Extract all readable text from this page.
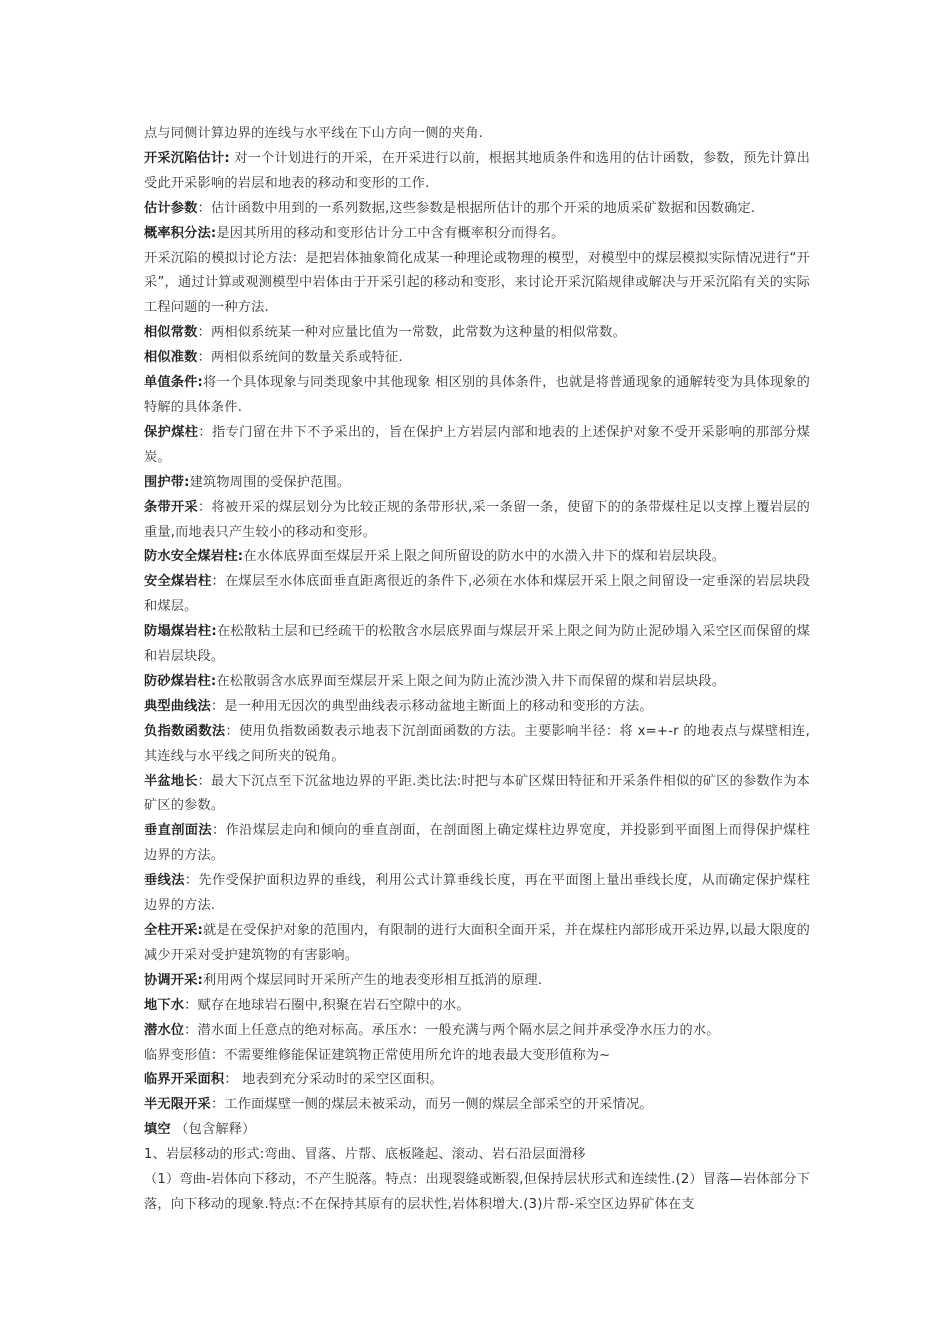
点与同侧计算边界的连线与水平线在下山方向一侧的夹角.

开采沉陷估计: 对一个计划进行的开采，在开采进行以前，根据其地质条件和选用的估计函数，参数，预先计算出受此开采影响的岩层和地表的移动和变形的工作.

估计参数：估计函数中用到的一系列数据,这些参数是根据所估计的那个开采的地质采矿数据和因数确定.

概率积分法:是因其所用的移动和变形估计分工中含有概率积分而得名。

开采沉陷的模拟讨论方法：是把岩体抽象简化成某一种理论或物理的模型，对模型中的煤层模拟实际情况进行“开采”，通过计算或观测模型中岩体由于开采引起的移动和变形，来讨论开采沉陷规律或解决与开采沉陷有关的实际工程问题的一种方法.

相似常数：两相似系统某一种对应量比值为一常数，此常数为这种量的相似常数。

相似准数：两相似系统间的数量关系或特征.

单值条件:将一个具体现象与同类现象中其他现象 相区别的具体条件，也就是将普通现象的通解转变为具体现象的特解的具体条件.

保护煤柱：指专门留在井下不予采出的，旨在保护上方岩层内部和地表的上述保护对象不受开采影响的那部分煤炭。

围护带:建筑物周围的受保护范围。

条带开采：将被开采的煤层划分为比较正规的条带形状,采一条留一条，使留下的的条带煤柱足以支撑上覆岩层的重量,而地表只产生较小的移动和变形。

防水安全煤岩柱:在水体底界面至煤层开采上限之间所留设的防水中的水溃入井下的煤和岩层块段。

安全煤岩柱：在煤层至水体底面垂直距离很近的条件下,必须在水体和煤层开采上限之间留设一定垂深的岩层块段和煤层。

防塌煤岩柱:在松散粘土层和已经疏干的松散含水层底界面与煤层开采上限之间为防止泥砂塌入采空区而保留的煤和岩层块段。

防砂煤岩柱:在松散弱含水底界面至煤层开采上限之间为防止流沙溃入井下而保留的煤和岩层块段。

典型曲线法：是一种用无因次的典型曲线表示移动盆地主断面上的移动和变形的方法。

负指数函数法：使用负指数函数表示地表下沉剖面函数的方法。主要影响半径：将 x=+-r 的地表点与煤壁相连,其连线与水平线之间所夹的锐角。

半盆地长：最大下沉点至下沉盆地边界的平距.类比法:时把与本矿区煤田特征和开采条件相似的矿区的参数作为本矿区的参数。

垂直剖面法：作沿煤层走向和倾向的垂直剖面，在剖面图上确定煤柱边界宽度，并投影到平面图上而得保护煤柱边界的方法。

垂线法：先作受保护面积边界的垂线，利用公式计算垂线长度，再在平面图上量出垂线长度，从而确定保护煤柱边界的方法.

全柱开采:就是在受保护对象的范围内，有限制的进行大面积全面开采，并在煤柱内部形成开采边界,以最大限度的减少开采对受护建筑物的有害影响。

协调开采:利用两个煤层同时开采所产生的地表变形相互抵消的原理.

地下水：赋存在地球岩石圈中,积聚在岩石空隙中的水。

潜水位：潜水面上任意点的绝对标高。承压水：一般充满与两个隔水层之间并承受净水压力的水。

临界变形值：不需要维修能保证建筑物正常使用所允许的地表最大变形值称为~

临界开采面积： 地表到充分采动时的采空区面积。

半无限开采：工作面煤壁一侧的煤层未被采动，而另一侧的煤层全部采空的开采情况。

填空 （包含解释）

1、岩层移动的形式:弯曲、冒落、片帮、底板隆起、滚动、岩石沿层面滑移

（1）弯曲-岩体向下移动，不产生脱落。特点：出现裂缝或断裂,但保持层状形式和连续性.(2）冒落—岩体部分下落，向下移动的现象.特点:不在保持其原有的层状性,岩体积增大.(3)片帮-采空区边界矿体在支
